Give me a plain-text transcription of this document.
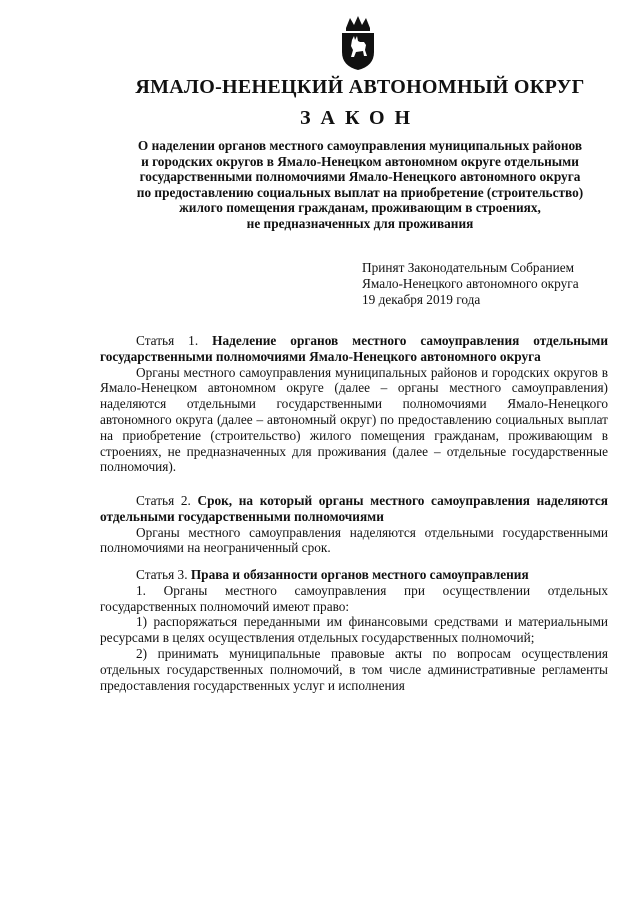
ЯМАЛО-НЕНЕЦКИЙ АВТОНОМНЫЙ ОКРУГ
ЗАКОН
О наделении органов местного самоуправления муниципальных районов
и городских округов в Ямало-Ненецком автономном округе отдельными
государственными полномочиями Ямало-Ненецкого автономного округа
по предоставлению социальных выплат на приобретение (строительство)
жилого помещения гражданам, проживающим в строениях,
не предназначенных для проживания
Принят Законодательным Собранием
Ямало-Ненецкого автономного округа
19 декабря 2019 года
Статья 1. Наделение органов местного самоуправления отдельными государственными полномочиями Ямало-Ненецкого автономного округа

Органы местного самоуправления муниципальных районов и городских округов в Ямало-Ненецком автономном округе (далее – органы местного самоуправления) наделяются отдельными государственными полномочиями Ямало-Ненецкого автономного округа (далее – автономный округ) по предоставлению социальных выплат на приобретение (строительство) жилого помещения гражданам, проживающим в строениях, не предназначенных для проживания (далее – отдельные государственные полномочия).

Статья 2. Срок, на который органы местного самоуправления наделяются отдельными государственными полномочиями

Органы местного самоуправления наделяются отдельными государственными полномочиями на неограниченный срок.

Статья 3. Права и обязанности органов местного самоуправления

1. Органы местного самоуправления при осуществлении отдельных государственных полномочий имеют право:

1) распоряжаться переданными им финансовыми средствами и материальными ресурсами в целях осуществления отдельных государственных полномочий;

2) принимать муниципальные правовые акты по вопросам осуществления отдельных государственных полномочий, в том числе административные регламенты предоставления государственных услуг и исполнения
